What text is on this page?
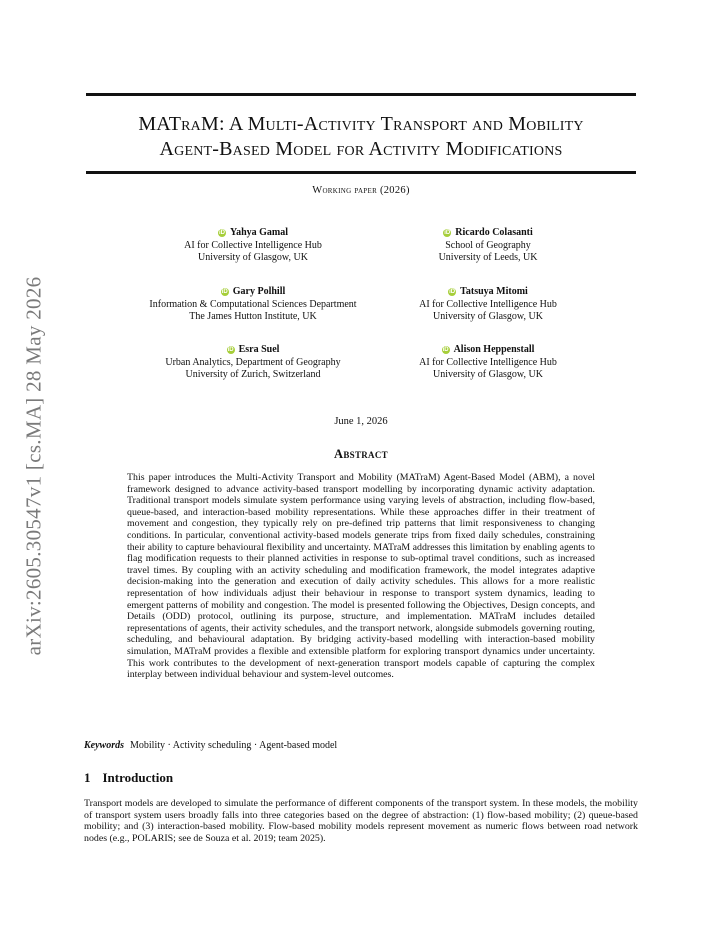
arXiv:2605.30547v1 [cs.MA] 28 May 2026
MATraM: A Multi-Activity Transport and Mobility
Agent-Based Model for Activity Modifications
Working paper (2026)
iD Yahya Gamal
AI for Collective Intelligence Hub
University of Glasgow, UK
iD Ricardo Colasanti
School of Geography
University of Leeds, UK
iD Gary Polhill
Information & Computational Sciences Department
The James Hutton Institute, UK
iD Tatsuya Mitomi
AI for Collective Intelligence Hub
University of Glasgow, UK
iD Esra Suel
Urban Analytics, Department of Geography
University of Zurich, Switzerland
iD Alison Heppenstall
AI for Collective Intelligence Hub
University of Glasgow, UK
June 1, 2026
Abstract
This paper introduces the Multi-Activity Transport and Mobility (MATraM) Agent-Based Model (ABM), a novel framework designed to advance activity-based transport modelling by incorporating dynamic activity adaptation. Traditional transport models simulate system performance using varying levels of abstraction, including flow-based, queue-based, and interaction-based mobility representations. While these approaches differ in their treatment of movement and congestion, they typically rely on pre-defined trip patterns that limit responsiveness to changing conditions. In particular, conventional activity-based models generate trips from fixed daily schedules, constraining their ability to capture behavioural flexibility and uncertainty. MATraM addresses this limitation by enabling agents to flag modification requests to their planned activities in response to sub-optimal travel conditions, such as increased travel times. By coupling with an activity scheduling and modification framework, the model integrates adaptive decision-making into the generation and execution of daily activity schedules. This allows for a more realistic representation of how individuals adjust their behaviour in response to transport system dynamics, leading to emergent patterns of mobility and congestion. The model is presented following the Objectives, Design concepts, and Details (ODD) protocol, outlining its purpose, structure, and implementation. MATraM includes detailed representations of agents, their activity schedules, and the transport network, alongside submodels governing routing, scheduling, and behavioural adaptation. By bridging activity-based modelling with interaction-based mobility simulation, MATraM provides a flexible and extensible platform for exploring transport dynamics under uncertainty. This work contributes to the development of next-generation transport models capable of capturing the complex interplay between individual behaviour and system-level outcomes.
Keywords Mobility · Activity scheduling · Agent-based model
1 Introduction
Transport models are developed to simulate the performance of different components of the transport system. In these models, the mobility of transport system users broadly falls into three categories based on the degree of abstraction: (1) flow-based mobility; (2) queue-based mobility; and (3) interaction-based mobility. Flow-based mobility models represent movement as numeric flows between road network nodes (e.g., POLARIS; see de Souza et al. 2019; team 2025).
